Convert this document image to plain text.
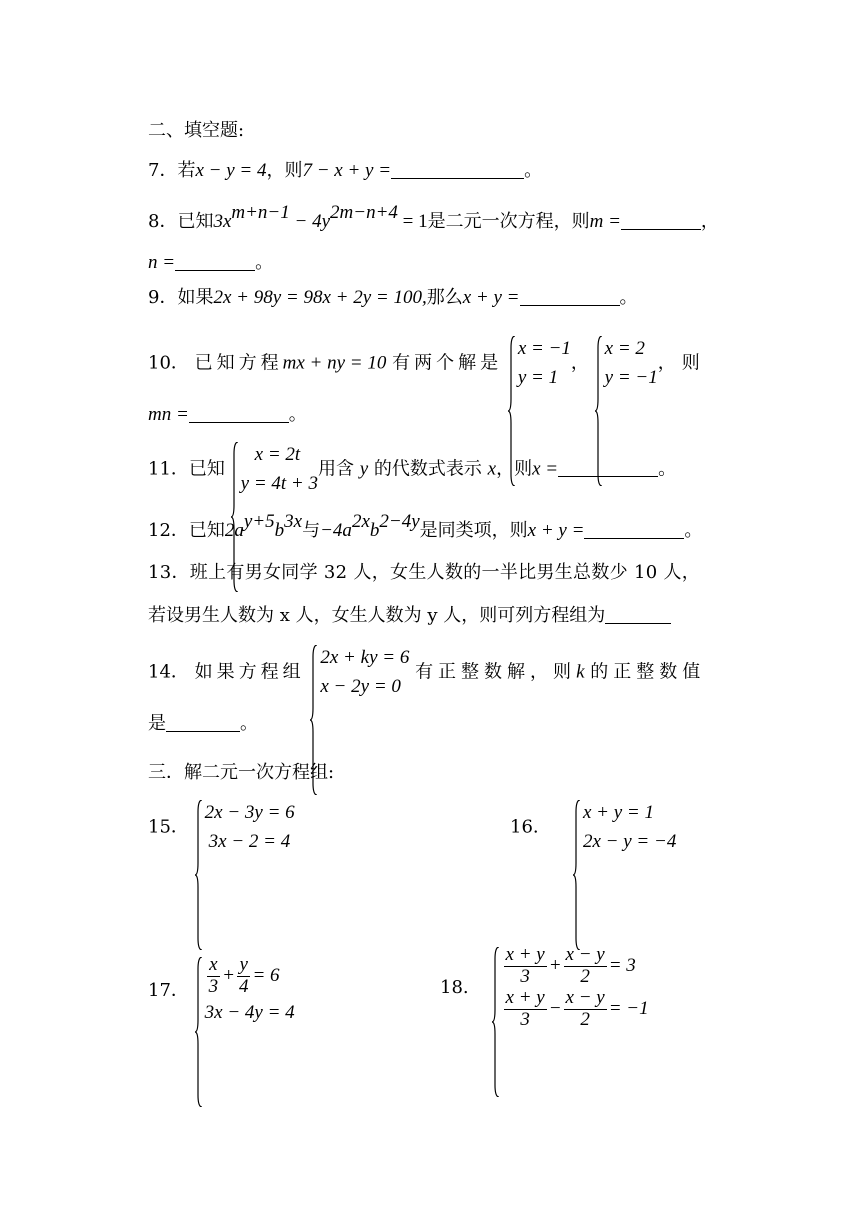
二、填空题:
7．若x − y = 4，则7 − x + y =	。
8．已知$3x^{m+n-1} - 4y^{2m-n+4} = 1$是二元一次方程，则m =	，
n =	。
9．如果2x + 98y = 98x + 2y = 100,那么x + y =	。
10． 已知方程mx + ny = 10 有两个解是
x = −1
y = 1
，
x = 2
y = −1
，则
mn =	。
11．已知
x = 2t
y = 4t + 3
用含 y 的代数式表示 x，则x =	。
12．已知$2a^{y+5}b^{3x}$与$-4a^{2x}b^{2-4y}$是同类项，则x + y =	。
13．班上有男女同学 32 人，女生人数的一半比男生总数少 10 人，
若设男生人数为 x 人，女生人数为 y 人，则可列方程组为
14． 如果方程组
2x + ky = 6
x − 2y = 0
有正整数解，则k 的正整数值
是	。
三．解二元一次方程组:
15．
2x − 3y = 6
3x − 2 = 4
16.
x + y = 1
2x − y = −4
17． $\frac{x}{3} + \frac{y}{4} = 6$
3x − 4y = 4
18. $\frac{x + y}{3} + \frac{x - y}{2} = 3$
$\frac{x + y}{3} - \frac{x - y}{2} = -1$
